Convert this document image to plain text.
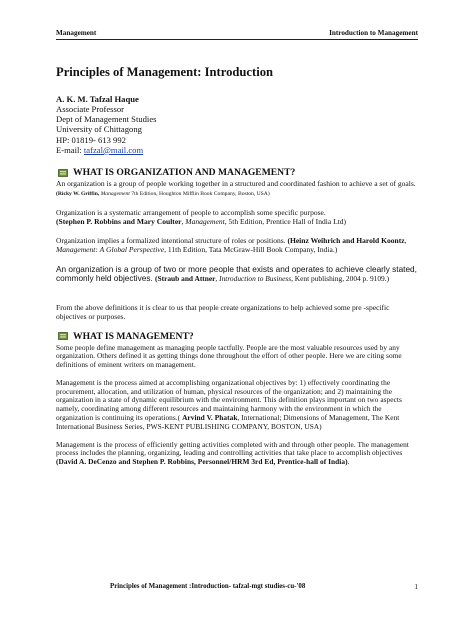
Management	Introduction to Management
Principles of Management: Introduction
A. K. M. Tafzal Haque
Associate Professor
Dept of Management Studies
University of Chittagong
HP: 01819- 613 992
E-mail: tafzal@mail.com
WHAT IS ORGANIZATION AND MANAGEMENT?

An organization is a group of people working together in a structured and coordinated fashion to achieve a set of goals. (Ricky W. Griffin, Management 7th Edition, Houghton Mifflin Book Company, Boston, USA)

Organization is a systematic arrangement of people to accomplish some specific purpose.
(Stephen P. Robbins and Mary Coulter, Management, 5th Edition, Prentice Hall of India Ltd)

Organization implies a formalized intentional structure of roles or positions. (Heinz Weihrich and Harold Koontz, Management: A Global Perspective, 11th Edition, Tata McGraw-Hill Book Company, India.)

An organization is a group of two or more people that exists and operates to achieve clearly stated, commonly held objectives. (Straub and Attner, Introduction to Business, Kent publishing, 2004 p. 9109.)

From the above definitions it is clear to us that people create organizations to help achieved some pre -specific objectives or purposes.

WHAT IS MANAGEMENT?

Some people define management as managing people tactfully. People are the most valuable resources used by any organization. Others defined it as getting things done throughout the effort of other people. Here we are citing some definitions of eminent writers on management.

Management is the process aimed at accomplishing organizational objectives by: 1) effectively coordinating the procurement, allocation, and utilization of human, physical resources of the organization; and 2) maintaining the organization in a state of dynamic equilibrium with the environment. This definition plays important on two aspects namely, coordinating among different resources and maintaining harmony with the environment in which the organization is continuing its operations.( Arvind V. Phatak, International; Dimensions of Management, The Kent International Business Series, PWS-KENT PUBLISHING COMPANY, BOSTON, USA)

Management is the process of efficiently getting activities completed with and through other people. The management process includes the planning, organizing, leading and controlling activities that take place to accomplish objectives (David A. DeCenzo and Stephen P. Robbins, Personnel/HRM 3rd Ed, Prentice-hall of India).

Principles of Management :Introduction- tafzal-mgt studies-cu-'08	1
